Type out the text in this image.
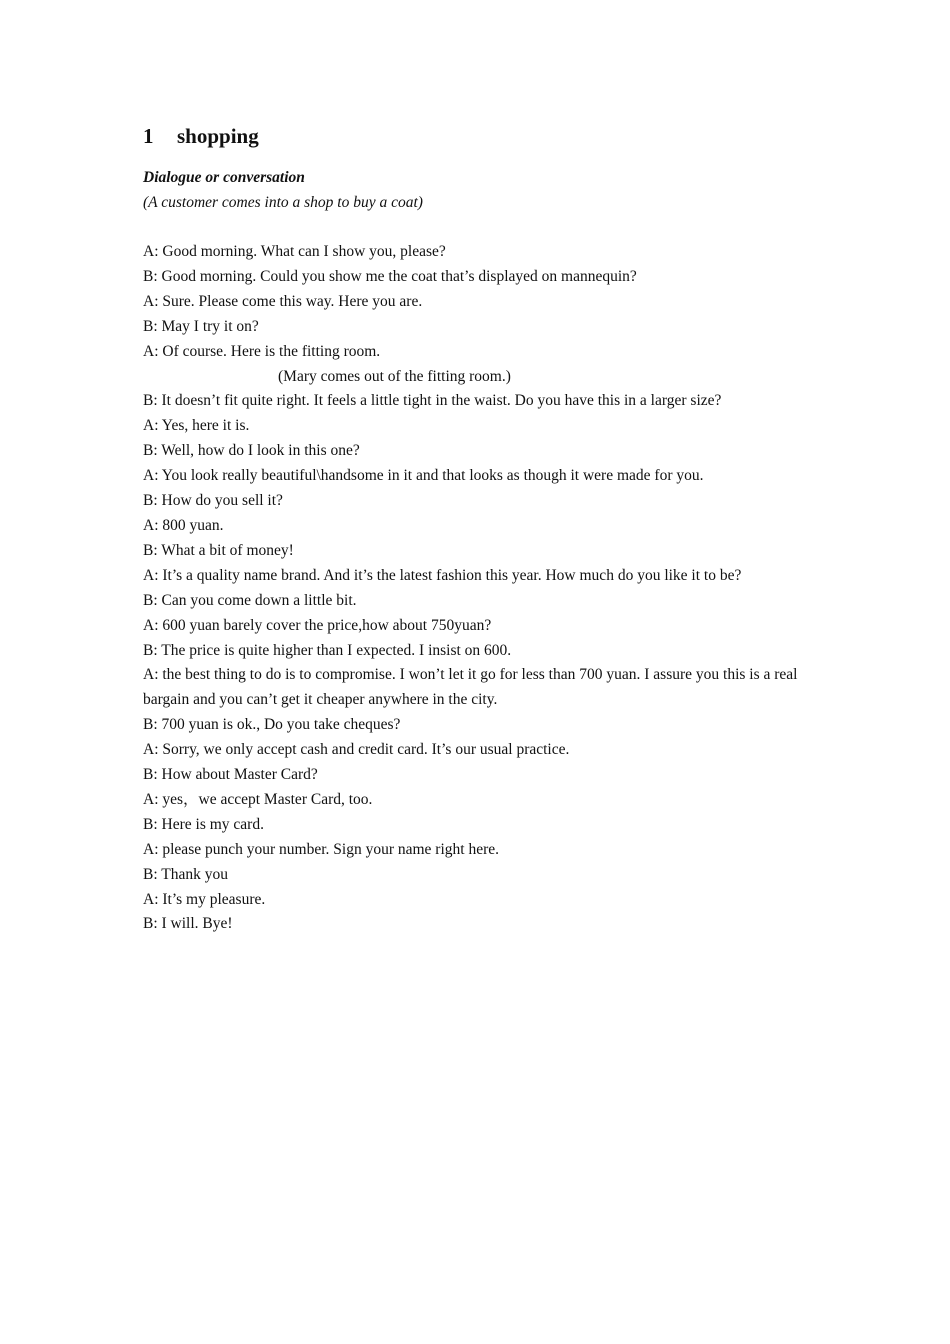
1 shopping
Dialogue or conversation
(A customer comes into a shop to buy a coat)
A: Good morning. What can I show you, please?
B: Good morning. Could you show me the coat that’s displayed on mannequin?
A: Sure. Please come this way. Here you are.
B: May I try it on?
A: Of course. Here is the fitting room.
(Mary comes out of the fitting room.)
B: It doesn’t fit quite right. It feels a little tight in the waist. Do you have this in a larger size?
A: Yes, here it is.
B: Well, how do I look in this one?
A: You look really beautiful\handsome in it and that looks as though it were made for you.
B: How do you sell it?
A: 800 yuan.
B: What a bit of money!
A: It’s a quality name brand. And it’s the latest fashion this year. How much do you like it to be?
B: Can you come down a little bit.
A: 600 yuan barely cover the price,how about 750yuan?
B: The price is quite higher than I expected. I insist on 600.
A: the best thing to do is to compromise. I won’t let it go for less than 700 yuan. I assure you this is a real bargain and you can’t get it cheaper anywhere in the city.
B: 700 yuan is ok., Do you take cheques?
A: Sorry, we only accept cash and credit card. It’s our usual practice.
B: How about Master Card?
A: yes，we accept Master Card, too.
B: Here is my card.
A: please punch your number. Sign your name right here.
B: Thank you
A: It’s my pleasure.
B: I will. Bye!
